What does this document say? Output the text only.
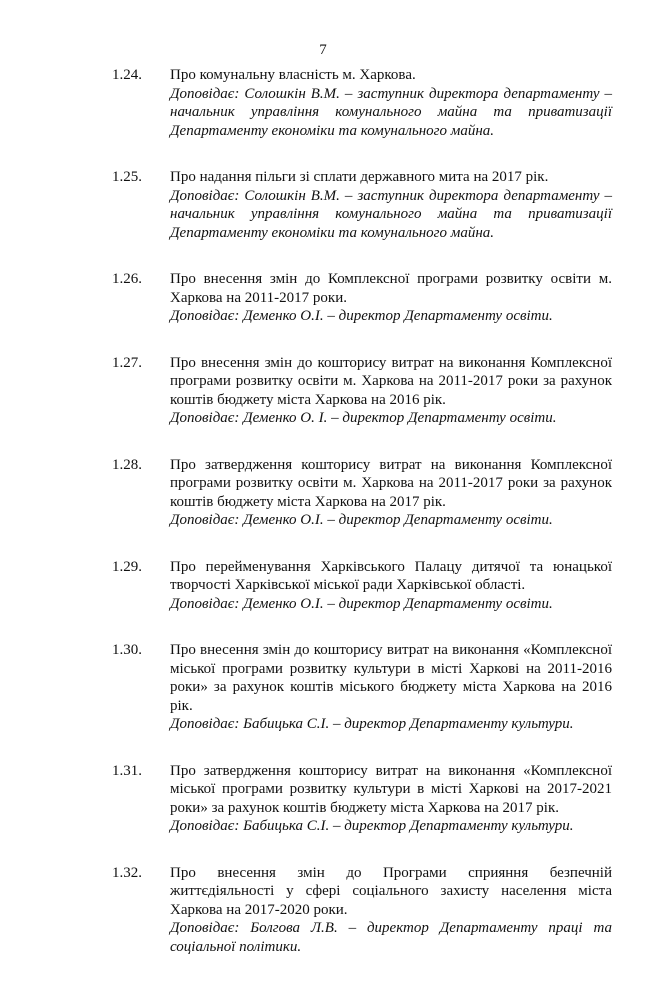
7
1.24. Про комунальну власність м. Харкова.
Доповідає: Солошкін В.М. – заступник директора департаменту – начальник управління комунального майна та приватизації Департаменту економіки та комунального майна.
1.25. Про надання пільги зі сплати державного мита на 2017 рік.
Доповідає: Солошкін В.М. – заступник директора департаменту – начальник управління комунального майна та приватизації Департаменту економіки та комунального майна.
1.26. Про внесення змін до Комплексної програми розвитку освіти м. Харкова на 2011-2017 роки.
Доповідає: Деменко О.І. – директор Департаменту освіти.
1.27. Про внесення змін до кошторису витрат на виконання Комплексної програми розвитку освіти м. Харкова на 2011-2017 роки за рахунок коштів бюджету міста Харкова на 2016 рік.
Доповідає: Деменко О. І. – директор Департаменту освіти.
1.28. Про затвердження кошторису витрат на виконання Комплексної програми розвитку освіти м. Харкова на 2011-2017 роки за рахунок коштів бюджету міста Харкова на 2017 рік.
Доповідає: Деменко О.І. – директор Департаменту освіти.
1.29. Про перейменування Харківського Палацу дитячої та юнацької творчості Харківської міської ради Харківської області.
Доповідає: Деменко О.І. – директор Департаменту освіти.
1.30. Про внесення змін до кошторису витрат на виконання «Комплексної міської програми розвитку культури в місті Харкові на 2011-2016 роки» за рахунок коштів міського бюджету міста Харкова на 2016 рік.
Доповідає: Бабицька С.І. – директор Департаменту культури.
1.31. Про затвердження кошторису витрат на виконання «Комплексної міської програми розвитку культури в місті Харкові на 2017-2021 роки» за рахунок коштів бюджету міста Харкова на 2017 рік.
Доповідає: Бабицька С.І. – директор Департаменту культури.
1.32. Про внесення змін до Програми сприяння безпечній життєдіяльності у сфері соціального захисту населення міста Харкова на 2017-2020 роки.
Доповідає: Болгова Л.В. – директор Департаменту праці та соціальної політики.
